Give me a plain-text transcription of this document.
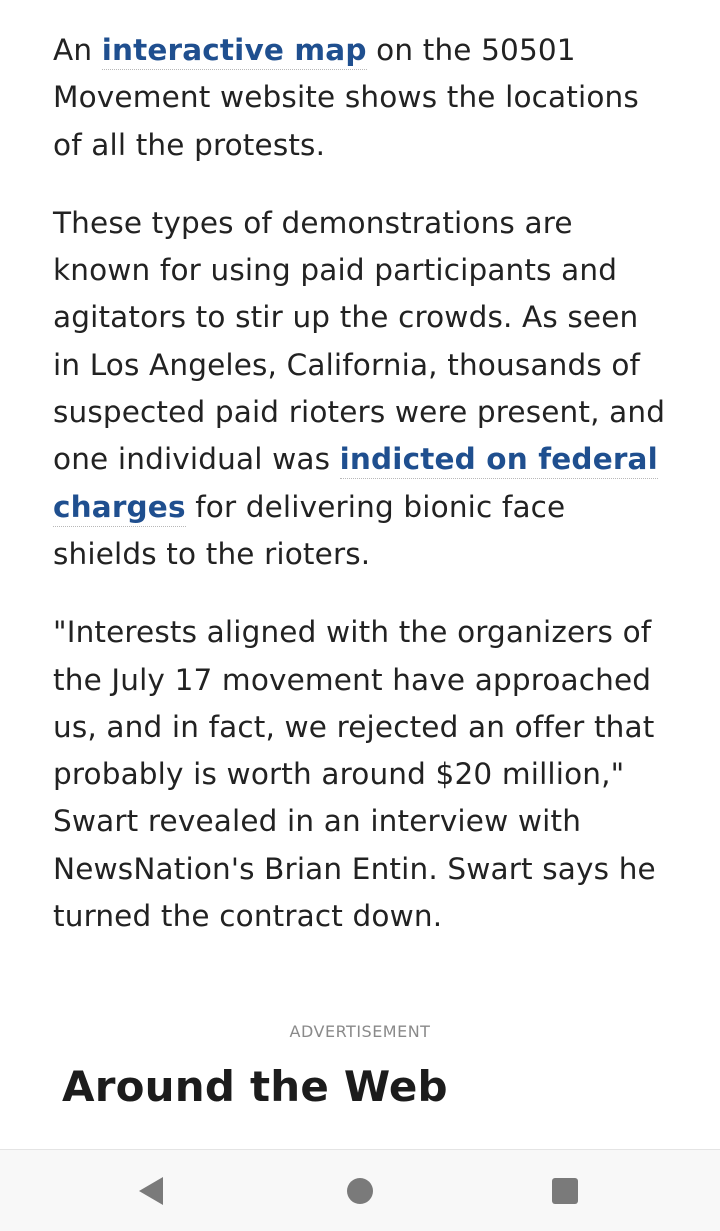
An interactive map on the 50501 Movement website shows the locations of all the protests.

These types of demonstrations are known for using paid participants and agitators to stir up the crowds. As seen in Los Angeles, California, thousands of suspected paid rioters were present, and one individual was indicted on federal charges for delivering bionic face shields to the rioters.

"Interests aligned with the organizers of the July 17 movement have approached us, and in fact, we rejected an offer that probably is worth around $20 million," Swart revealed in an interview with NewsNation's Brian Entin. Swart says he turned the contract down.

ADVERTISEMENT
Around the Web
